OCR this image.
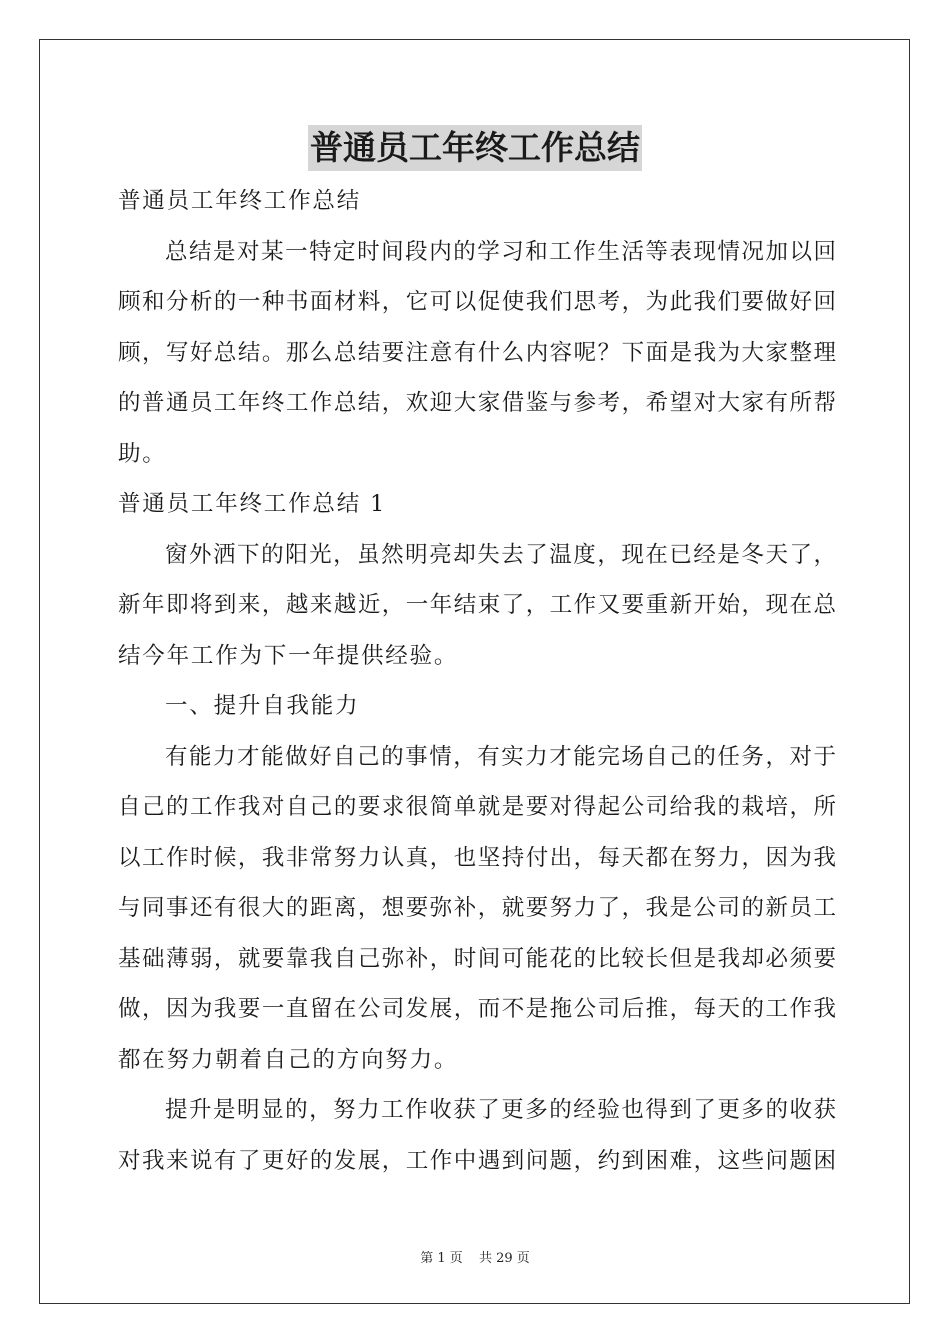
普通员工年终工作总结
普通员工年终工作总结
总结是对某一特定时间段内的学习和工作生活等表现情况加以回
顾和分析的一种书面材料，它可以促使我们思考，为此我们要做好回
顾，写好总结。那么总结要注意有什么内容呢？下面是我为大家整理
的普通员工年终工作总结，欢迎大家借鉴与参考，希望对大家有所帮
助。
普通员工年终工作总结 1
窗外洒下的阳光，虽然明亮却失去了温度，现在已经是冬天了，
新年即将到来，越来越近，一年结束了，工作又要重新开始，现在总
结今年工作为下一年提供经验。
一、提升自我能力
有能力才能做好自己的事情，有实力才能完场自己的任务，对于
自己的工作我对自己的要求很简单就是要对得起公司给我的栽培，所
以工作时候，我非常努力认真，也坚持付出，每天都在努力，因为我
与同事还有很大的距离，想要弥补，就要努力了，我是公司的新员工
基础薄弱，就要靠我自己弥补，时间可能花的比较长但是我却必须要
做，因为我要一直留在公司发展，而不是拖公司后推，每天的工作我
都在努力朝着自己的方向努力。
提升是明显的，努力工作收获了更多的经验也得到了更多的收获
对我来说有了更好的发展，工作中遇到问题，约到困难，这些问题困
第 1 页 共 29 页
